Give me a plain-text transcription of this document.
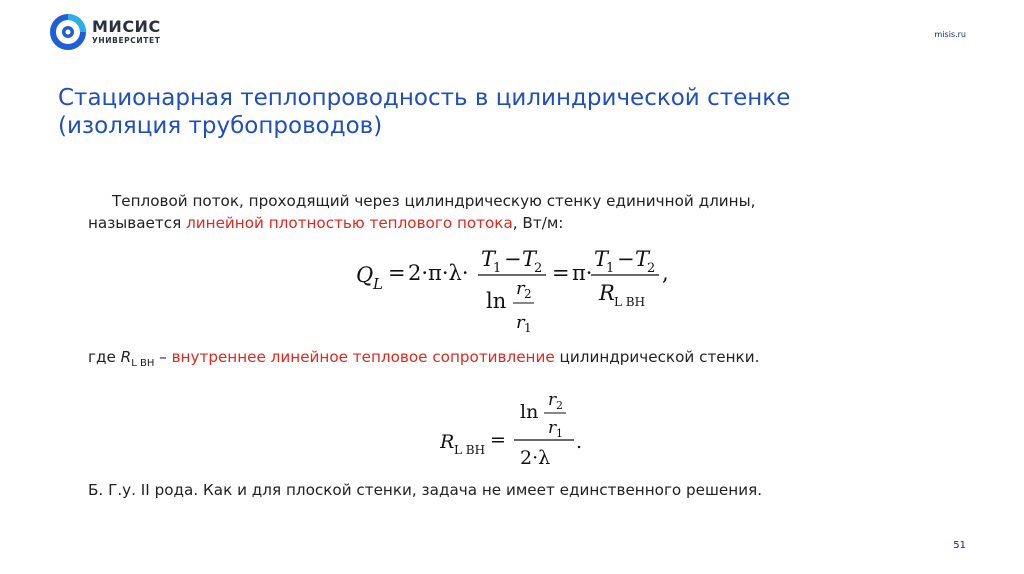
МИСИС
УНИВЕРСИТЕТ
misis.ru
Стационарная теплопроводность в цилиндрической стенке
(изоляция трубопроводов)
Тепловой поток, проходящий через цилиндрическую стенку единичной длины,
называется линейной плотностью теплового потока, Вт/м:
Q L = 2·π·λ·
T
1 − T
2
ln
r 2
r 1
= π·
T
1 − T
2
R L ВН
,
где $R_{L ВН}$ – внутреннее линейное тепловое сопротивление цилиндрической стенки.
R L ВН =
ln
r 2
r 1
2·λ
.
Б. Г.у. II рода. Как и для плоской стенки, задача не имеет единственного решения.
51
